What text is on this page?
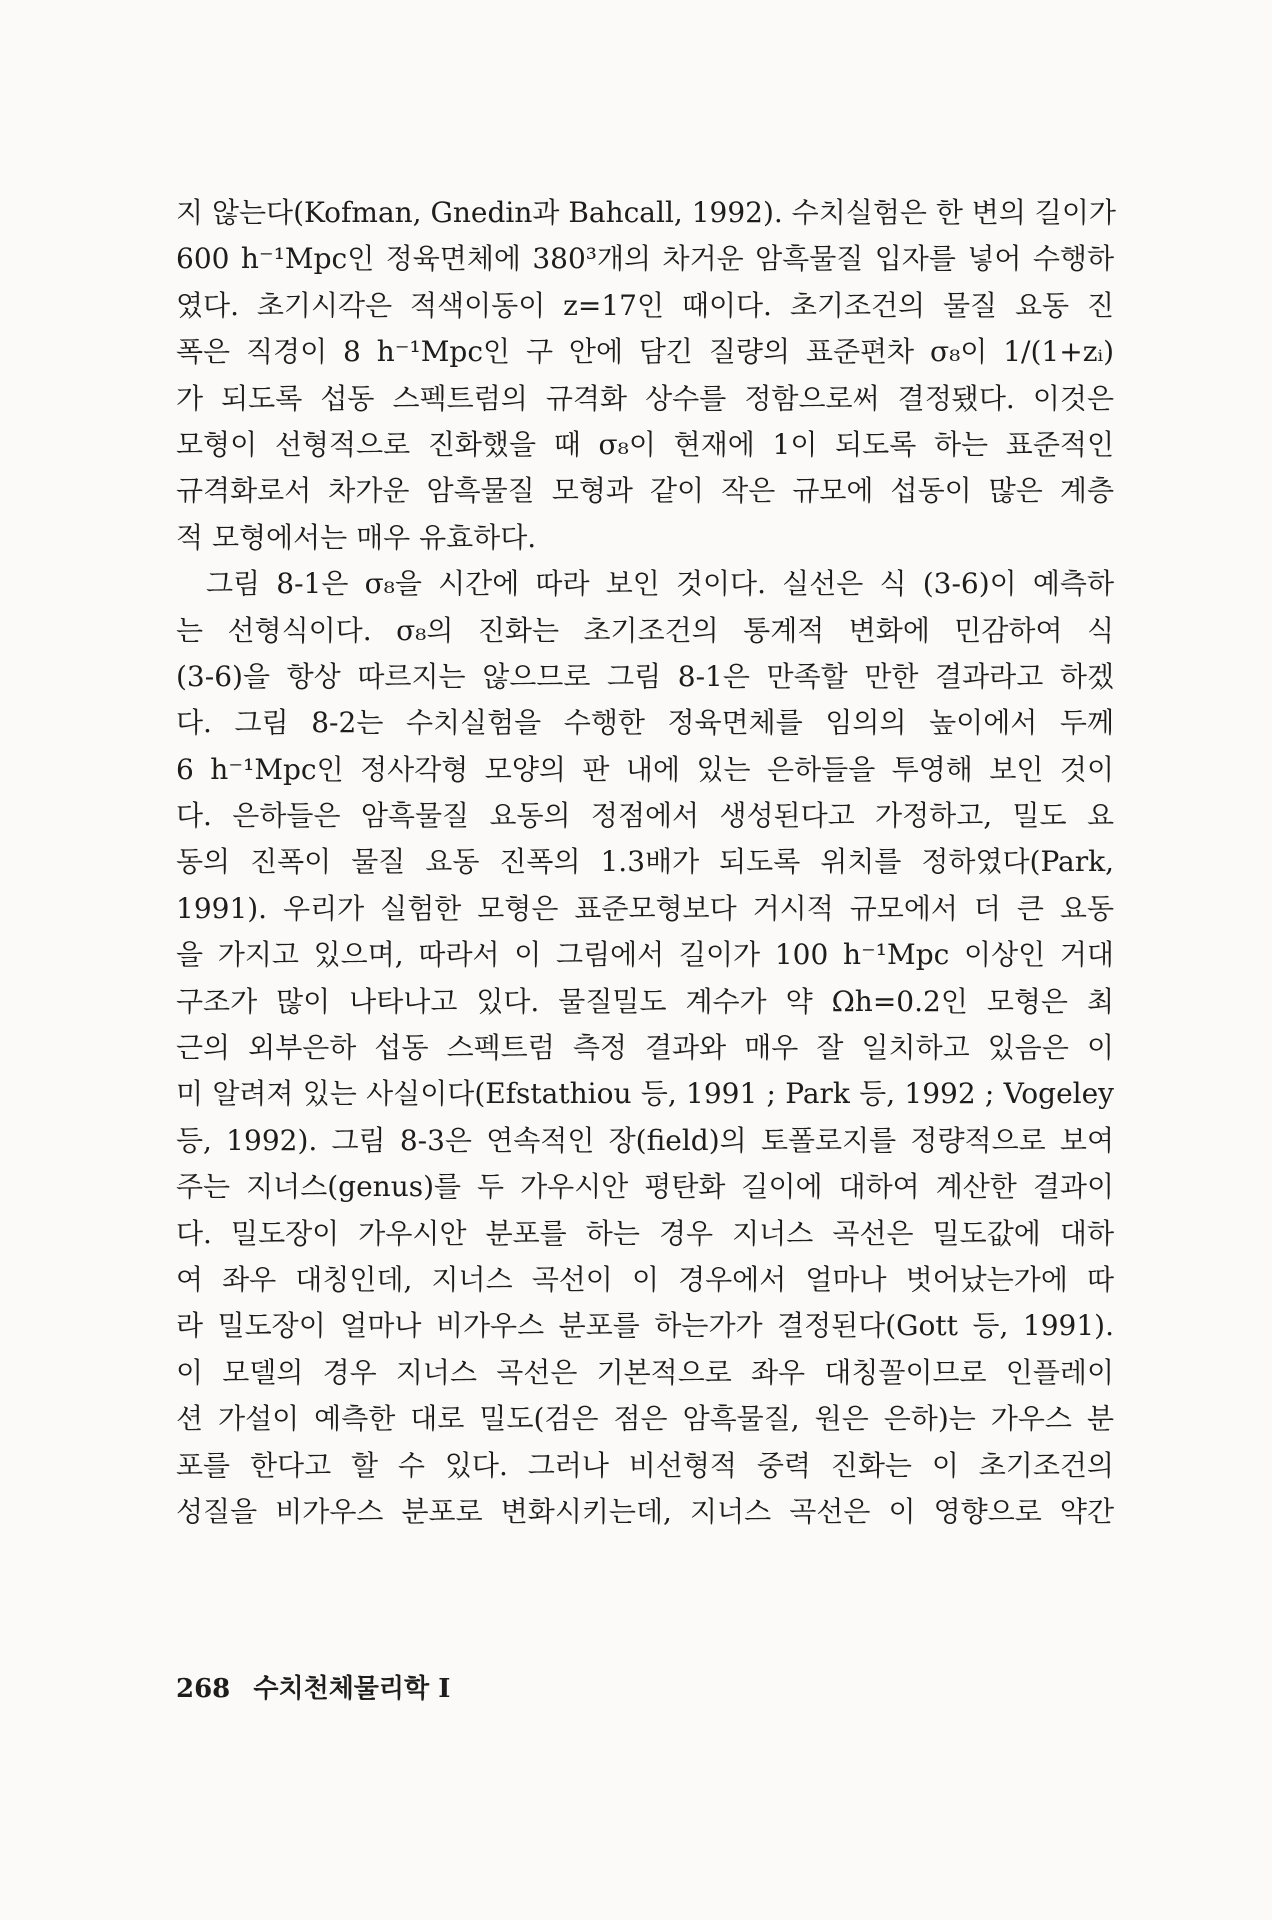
지 않는다(Kofman, Gnedin과 Bahcall, 1992). 수치실험은 한 변의 길이가
600 h⁻¹Mpc인 정육면체에 380³개의 차거운 암흑물질 입자를 넣어 수행하
였다. 초기시각은 적색이동이 z=17인 때이다. 초기조건의 물질 요동 진
폭은 직경이 8 h⁻¹Mpc인 구 안에 담긴 질량의 표준편차 σ₈이 1/(1+zᵢ)
가 되도록 섭동 스펙트럼의 규격화 상수를 정함으로써 결정됐다. 이것은
모형이 선형적으로 진화했을 때 σ₈이 현재에 1이 되도록 하는 표준적인
규격화로서 차가운 암흑물질 모형과 같이 작은 규모에 섭동이 많은 계층
적 모형에서는 매우 유효하다.
그림 8-1은 σ₈을 시간에 따라 보인 것이다. 실선은 식 (3-6)이 예측하
는 선형식이다. σ₈의 진화는 초기조건의 통계적 변화에 민감하여 식
(3-6)을 항상 따르지는 않으므로 그림 8-1은 만족할 만한 결과라고 하겠
다. 그림 8-2는 수치실험을 수행한 정육면체를 임의의 높이에서 두께
6 h⁻¹Mpc인 정사각형 모양의 판 내에 있는 은하들을 투영해 보인 것이
다. 은하들은 암흑물질 요동의 정점에서 생성된다고 가정하고, 밀도 요
동의 진폭이 물질 요동 진폭의 1.3배가 되도록 위치를 정하였다(Park,
1991). 우리가 실험한 모형은 표준모형보다 거시적 규모에서 더 큰 요동
을 가지고 있으며, 따라서 이 그림에서 길이가 100 h⁻¹Mpc 이상인 거대
구조가 많이 나타나고 있다. 물질밀도 계수가 약 Ωh=0.2인 모형은 최
근의 외부은하 섭동 스펙트럼 측정 결과와 매우 잘 일치하고 있음은 이
미 알려져 있는 사실이다(Efstathiou 등, 1991 ; Park 등, 1992 ; Vogeley
등, 1992). 그림 8-3은 연속적인 장(field)의 토폴로지를 정량적으로 보여
주는 지너스(genus)를 두 가우시안 평탄화 길이에 대하여 계산한 결과이
다. 밀도장이 가우시안 분포를 하는 경우 지너스 곡선은 밀도값에 대하
여 좌우 대칭인데, 지너스 곡선이 이 경우에서 얼마나 벗어났는가에 따
라 밀도장이 얼마나 비가우스 분포를 하는가가 결정된다(Gott 등, 1991).
이 모델의 경우 지너스 곡선은 기본적으로 좌우 대칭꼴이므로 인플레이
션 가설이 예측한 대로 밀도(검은 점은 암흑물질, 원은 은하)는 가우스 분
포를 한다고 할 수 있다. 그러나 비선형적 중력 진화는 이 초기조건의
성질을 비가우스 분포로 변화시키는데, 지너스 곡선은 이 영향으로 약간
268 수치천체물리학 I
